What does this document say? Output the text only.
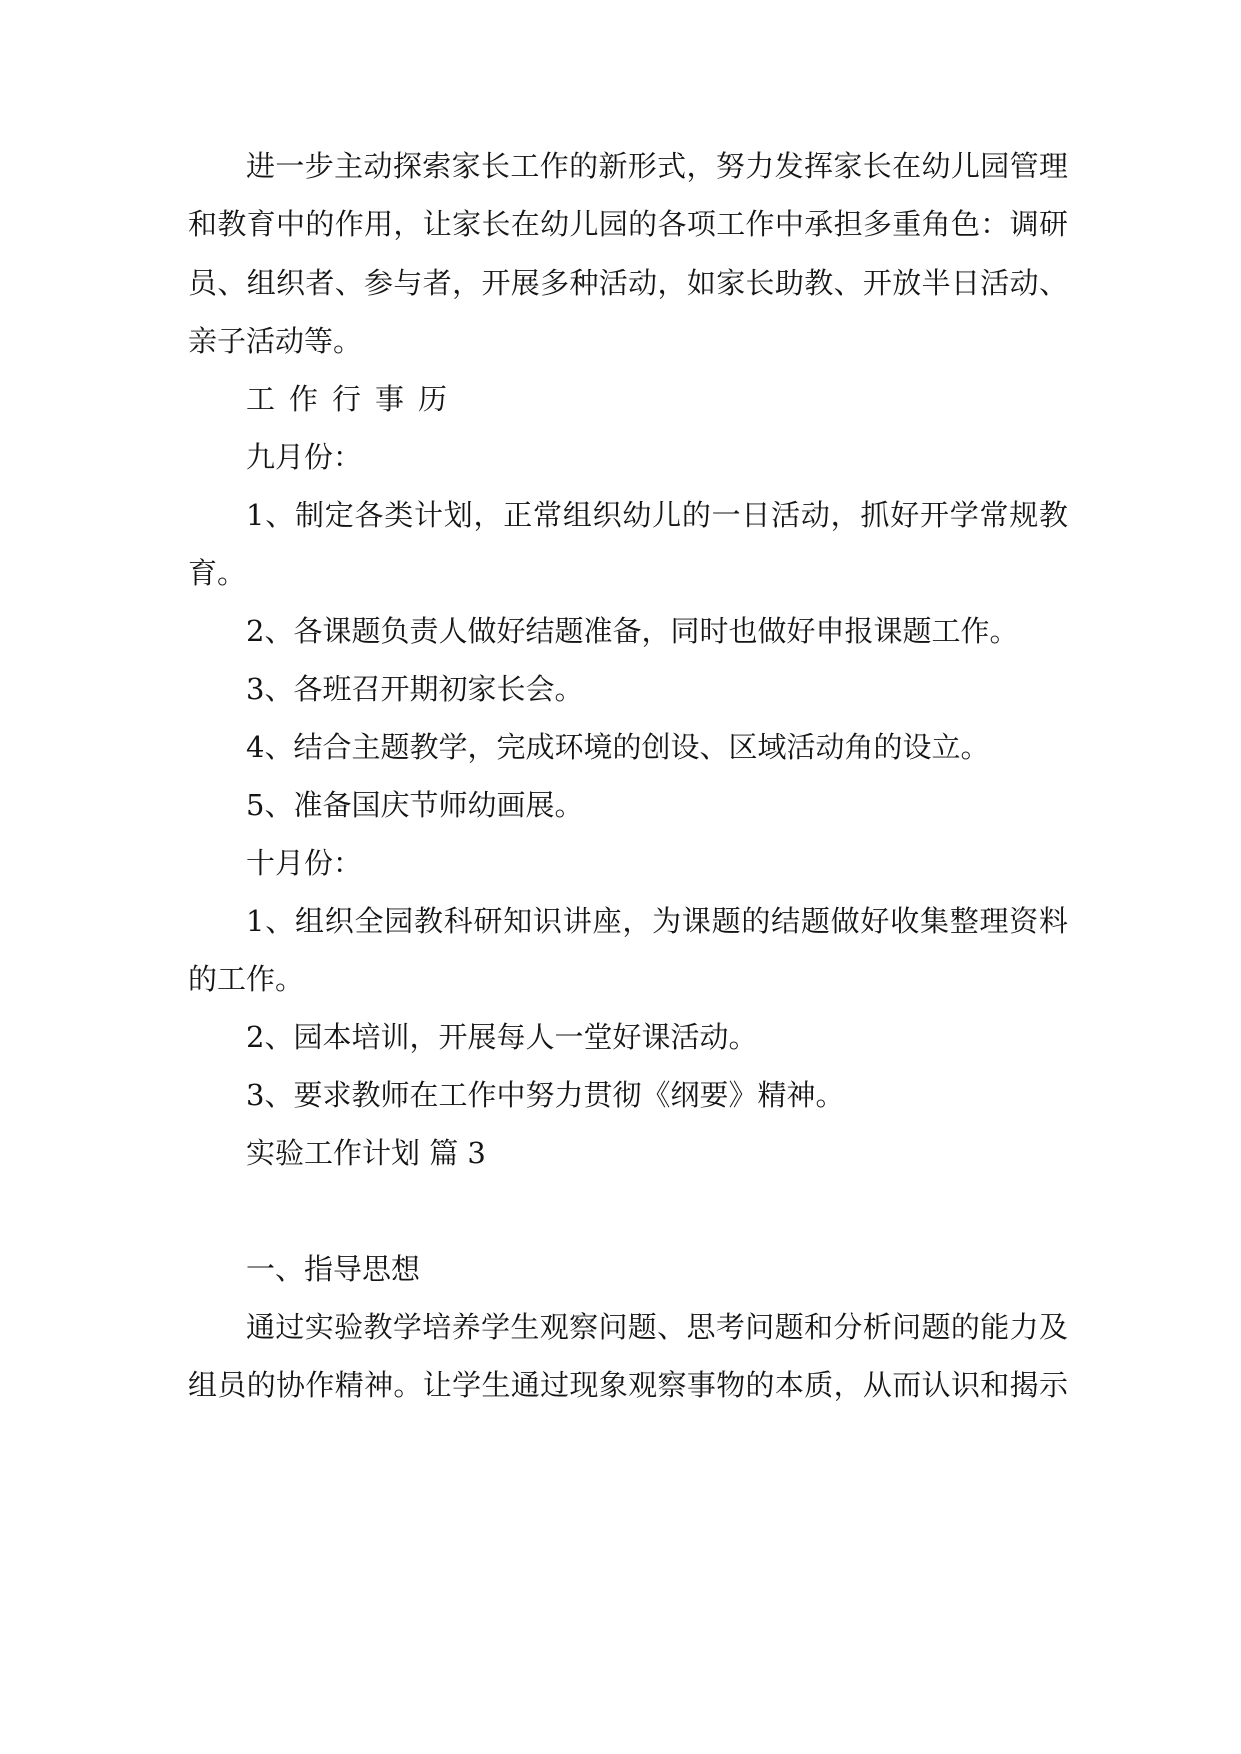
进一步主动探索家长工作的新形式，努力发挥家长在幼儿园管理

和教育中的作用，让家长在幼儿园的各项工作中承担多重角色：调研

员、组织者、参与者，开展多种活动，如家长助教、开放半日活动、

亲子活动等。

工作行事历

九月份：

1、制定各类计划，正常组织幼儿的一日活动，抓好开学常规教

育。

2、各课题负责人做好结题准备，同时也做好申报课题工作。

3、各班召开期初家长会。

4、结合主题教学，完成环境的创设、区域活动角的设立。

5、准备国庆节师幼画展。

十月份：

1、组织全园教科研知识讲座，为课题的结题做好收集整理资料

的工作。

2、园本培训，开展每人一堂好课活动。

3、要求教师在工作中努力贯彻《纲要》精神。

实验工作计划 篇 3

一、指导思想

通过实验教学培养学生观察问题、思考问题和分析问题的能力及

组员的协作精神。让学生通过现象观察事物的本质，从而认识和揭示
